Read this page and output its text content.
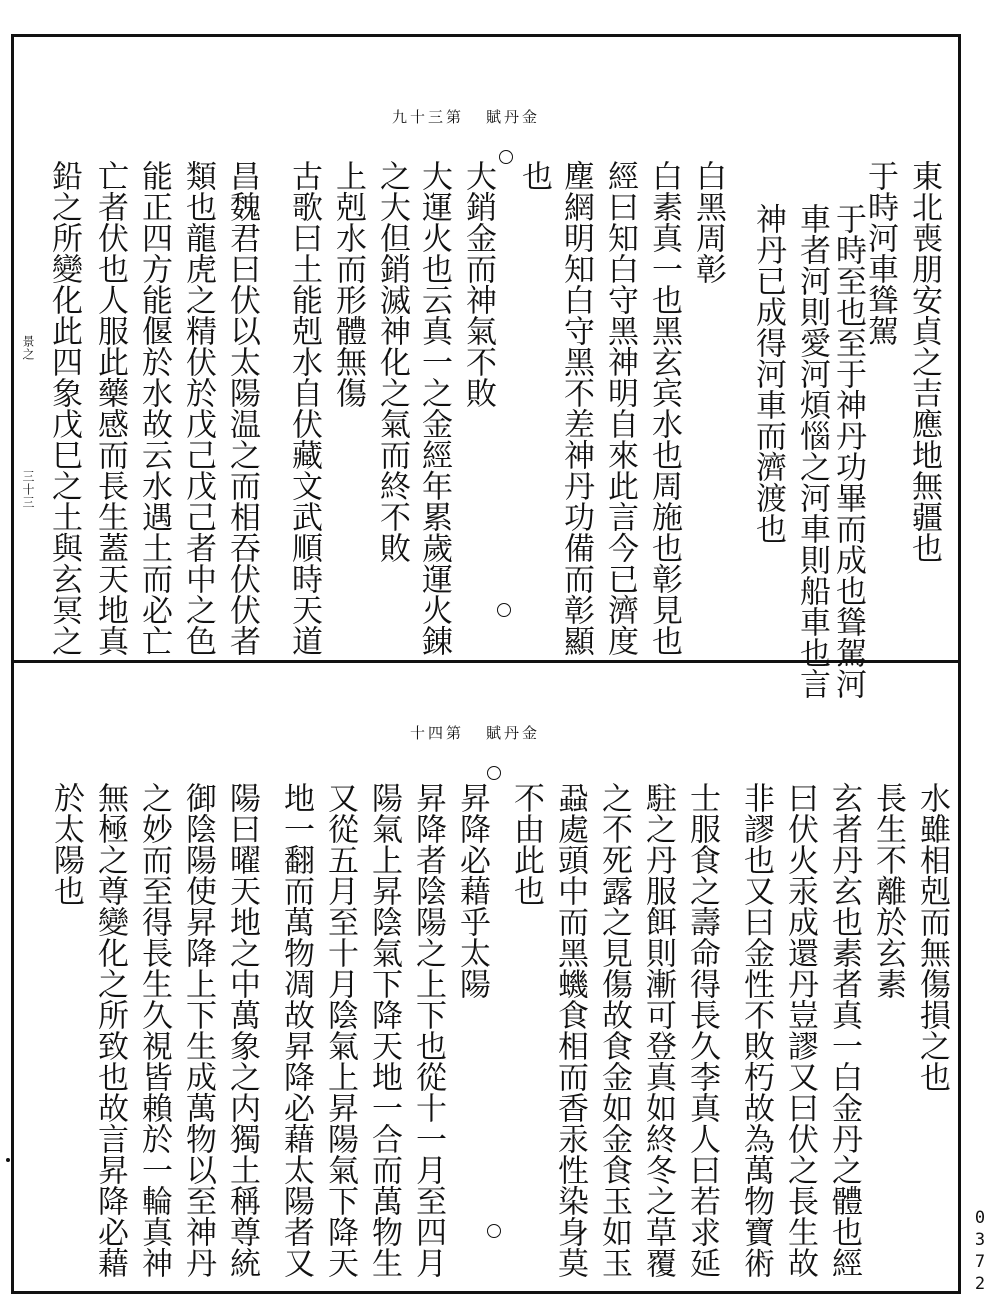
第三十九 金丹賦
東北喪朋安貞之吉應地無疆也
車者河則愛河煩惱之河車則船車也言
神丹已成得河車而濟渡也 于時河車聳駕
于時至也至于神丹功畢而成也聳駕河
白黑周彰
白素真一也黑玄宾水也周施也彰見也
經曰知白守黑神明自來此言今已濟度
塵網明知白守黑不差神丹功備而彰顯
也
大銷金而神氣不敗
大運火也云真一之金經年累歲運火錬
之大但銷滅神化之氣而終不敗
上剋水而形體無傷
古歌曰土能剋水自伏藏文武順時天道
昌魏君曰伏以太陽温之而相吞伏伏者
類也龍虎之精伏於戊己戊己者中之色
能正四方能偃於水故云水遇土而必亡
亡者伏也人服此藥感而長生蓋天地真
鉛之所變化此四象戊巳之土與玄冥之
景之
三十三
第四十 金丹賦
水雖相剋而無傷損之也
長生不離於玄素
玄者丹玄也素者真一白金丹之體也經
曰伏火汞成還丹豈謬又曰伏之長生故
非謬也又曰金性不敗朽故為萬物寶術
士服食之壽命得長久李真人曰若求延
駐之丹服餌則漸可登真如終冬之草覆
之不死露之見傷故食金如金食玉如玉
蝨處頭中而黑蟣食相而香汞性染身莫
不由此也
昇降必藉乎太陽
昇降者陰陽之上下也從十一月至四月
陽氣上昇陰氣下降天地一合而萬物生
又從五月至十月陰氣上昇陽氣下降天
地一翻而萬物凋故昇降必藉太陽者又
陽曰曜天地之中萬象之内獨土稱尊統
御陰陽使昇降上下生成萬物以至神丹
之妙而至得長生久視皆賴於一輪真神
無極之尊變化之所致也故言昇降必藉
於太陽也
0372
